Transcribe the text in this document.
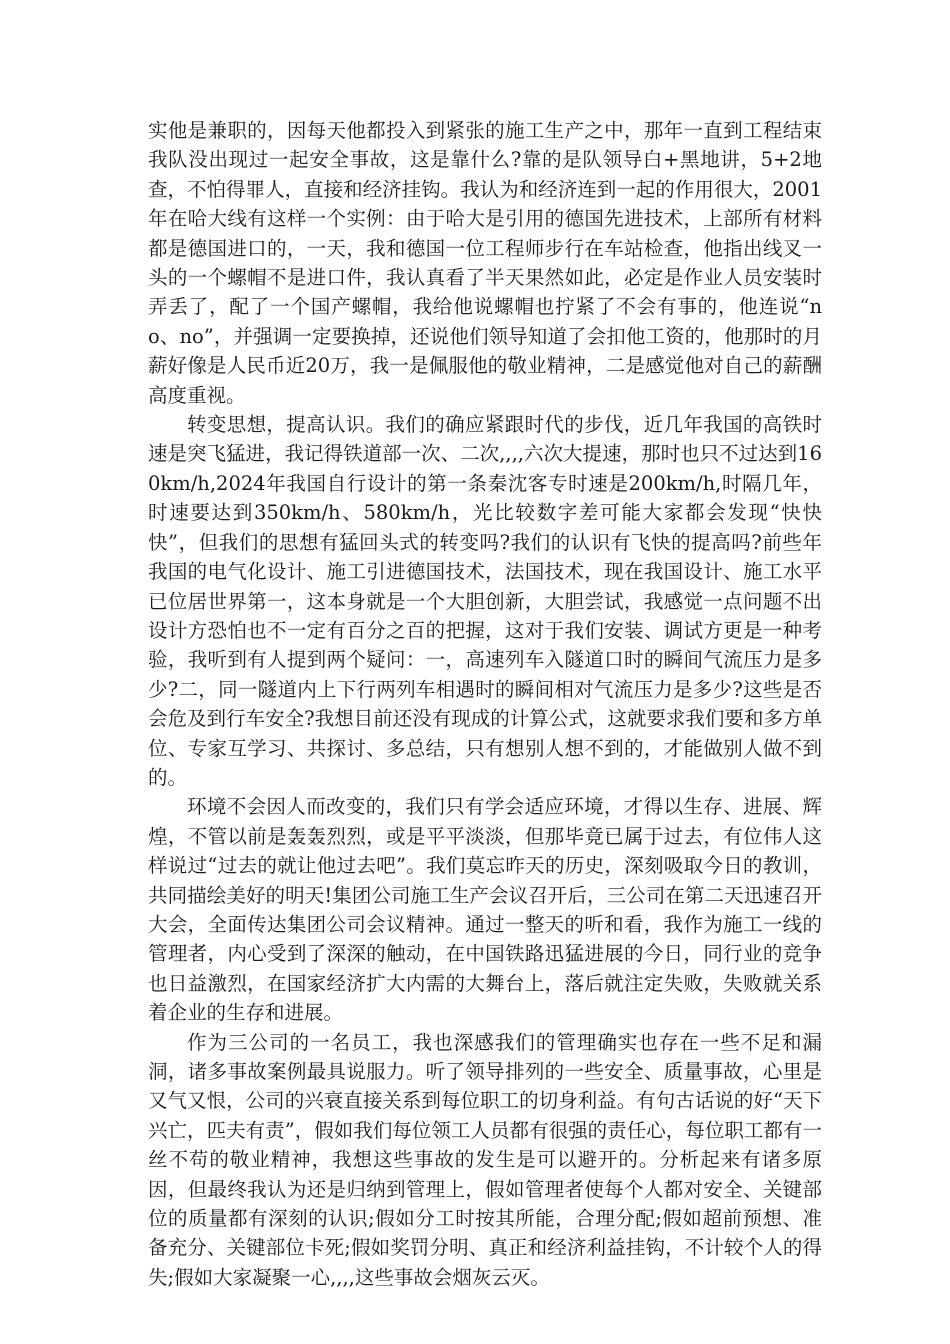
实他是兼职的，因每天他都投入到紧张的施工生产之中，那年一直到工程结束我队没出现过一起安全事故，这是靠什么?靠的是队领导白+黑地讲，5+2地查，不怕得罪人，直接和经济挂钩。我认为和经济连到一起的作用很大，2001年在哈大线有这样一个实例：由于哈大是引用的德国先进技术，上部所有材料都是德国进口的，一天，我和德国一位工程师步行在车站检查，他指出线叉一头的一个螺帽不是进口件，我认真看了半天果然如此，必定是作业人员安装时弄丢了，配了一个国产螺帽，我给他说螺帽也拧紧了不会有事的，他连说“no、no”，并强调一定要换掉，还说他们领导知道了会扣他工资的，他那时的月薪好像是人民币近20万，我一是佩服他的敬业精神，二是感觉他对自己的薪酬高度重视。

转变思想，提高认识。我们的确应紧跟时代的步伐，近几年我国的高铁时速是突飞猛进，我记得铁道部一次、二次,,,,六次大提速，那时也只不过达到160km/h,2024年我国自行设计的第一条秦沈客专时速是200km/h,时隔几年，时速要达到350km/h、580km/h，光比较数字差可能大家都会发现“快快快”，但我们的思想有猛回头式的转变吗?我们的认识有飞快的提高吗?前些年我国的电气化设计、施工引进德国技术，法国技术，现在我国设计、施工水平已位居世界第一，这本身就是一个大胆创新，大胆尝试，我感觉一点问题不出设计方恐怕也不一定有百分之百的把握，这对于我们安装、调试方更是一种考验，我听到有人提到两个疑问：一，高速列车入隧道口时的瞬间气流压力是多少?二，同一隧道内上下行两列车相遇时的瞬间相对气流压力是多少?这些是否会危及到行车安全?我想目前还没有现成的计算公式，这就要求我们要和多方单位、专家互学习、共探讨、多总结，只有想别人想不到的，才能做别人做不到的。

环境不会因人而改变的，我们只有学会适应环境，才得以生存、进展、辉煌，不管以前是轰轰烈烈，或是平平淡淡，但那毕竟已属于过去，有位伟人这样说过“过去的就让他过去吧”。我们莫忘昨天的历史，深刻吸取今日的教训，共同描绘美好的明天!集团公司施工生产会议召开后，三公司在第二天迅速召开大会，全面传达集团公司会议精神。通过一整天的听和看，我作为施工一线的管理者，内心受到了深深的触动，在中国铁路迅猛进展的今日，同行业的竞争也日益激烈，在国家经济扩大内需的大舞台上，落后就注定失败，失败就关系着企业的生存和进展。

作为三公司的一名员工，我也深感我们的管理确实也存在一些不足和漏洞，诸多事故案例最具说服力。听了领导排列的一些安全、质量事故，心里是又气又恨，公司的兴衰直接关系到每位职工的切身利益。有句古话说的好“天下兴亡，匹夫有责”，假如我们每位领工人员都有很强的责任心，每位职工都有一丝不苟的敬业精神，我想这些事故的发生是可以避开的。分析起来有诸多原因，但最终我认为还是归纳到管理上，假如管理者使每个人都对安全、关键部位的质量都有深刻的认识;假如分工时按其所能，合理分配;假如超前预想、准备充分、关键部位卡死;假如奖罚分明、真正和经济利益挂钩，不计较个人的得失;假如大家凝聚一心,,,,这些事故会烟灰云灭。
